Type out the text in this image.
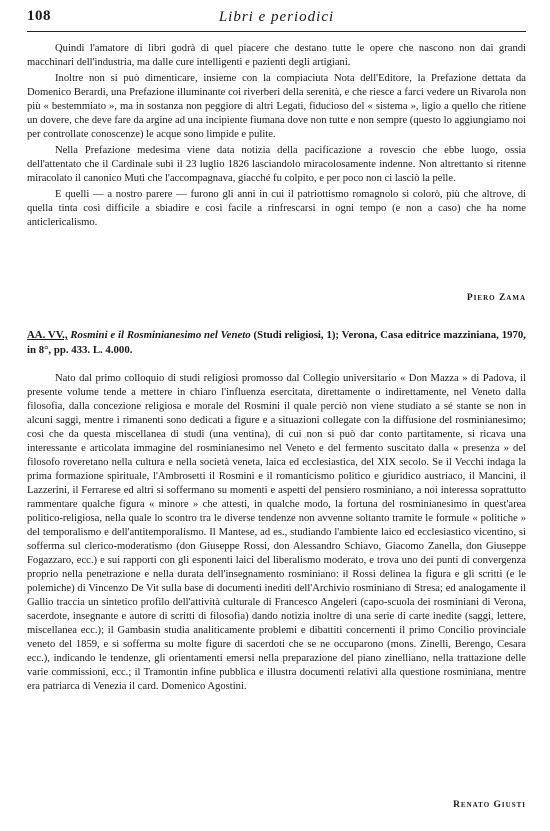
108	Libri e periodici

Quindi l'amatore di libri godrà di quel piacere che destano tutte le opere che nascono non dai grandi macchinari dell'industria, ma dalle cure intelligenti e pazienti degli artigiani.

Inoltre non si può dimenticare, insieme con la compiaciuta Nota dell'Editore, la Prefazione dettata da Domenico Berardi, una Prefazione illuminante coi riverberi della serenità, e che riesce a farci vedere un Rivarola non più « bestemmiato », ma in sostanza non peggiore di altri Legati, fiducioso del « sistema », ligio a quello che ritiene un dovere, che deve fare da argine ad una incipiente fiumana dove non tutte e non sempre (questo lo aggiungiamo noi per controllate conoscenze) le acque sono limpide e pulite.

Nella Prefazione medesima viene data notizia della pacificazione a rovescio che ebbe luogo, ossia dell'attentato che il Cardinale subì il 23 luglio 1826 lasciandolo miracolosamente indenne. Non altrettanto si ritenne miracolato il canonico Muti che l'accompagnava, giacché fu colpito, e per poco non ci lasciò la pelle.

E quelli — a nostro parere — furono gli anni in cui il patriottismo romagnolo si colorò, più che altrove, di quella tinta così difficile a sbiadire e così facile a rinfrescarsi in ogni tempo (e non a caso) che ha nome anticlericalismo.

Piero Zama

AA. VV., Rosmini e il Rosminianesimo nel Veneto (Studi religiosi, 1); Verona, Casa editrice mazziniana, 1970, in 8°, pp. 433. L. 4.000.

Nato dal primo colloquio di studi religiosi promosso dal Collegio universitario « Don Mazza » di Padova, il presente volume tende a mettere in chiaro l'influenza esercitata, direttamente o indirettamente, nel Veneto dalla filosofia, dalla concezione religiosa e morale del Rosmini il quale perciò non viene studiato a sé stante se non in alcuni saggi, mentre i rimanenti sono dedicati a figure e a situazioni collegate con la diffusione del rosminianesimo; così che da questa miscellanea di studi (una ventina), di cui non si può dar conto partitamente, si ricava una interessante e articolata immagine del rosminianesimo nel Veneto e del fermento suscitato dalla « presenza » del filosofo roveretano nella cultura e nella società veneta, laica ed ecclesiastica, del XIX secolo. Se il Vecchi indaga la prima formazione spirituale, l'Ambrosetti il Rosmini e il romanticismo politico e giuridico austriaco, il Mancini, il Lazzerini, il Ferrarese ed altri si soffermano su momenti e aspetti del pensiero rosminiano, a noi interessa soprattutto rammentare qualche figura « minore » che attesti, in qualche modo, la fortuna del rosminianesimo in quest'area politico-religiosa, nella quale lo scontro tra le diverse tendenze non avvenne soltanto tramite le formule « politiche » del temporalismo e dell'antitemporalismo. Il Mantese, ad es., studiando l'ambiente laico ed ecclesiastico vicentino, si sofferma sul clerico-moderatismo (don Giuseppe Rossi, don Alessandro Schiavo, Giacomo Zanella, don Giuseppe Fogazzaro, ecc.) e sui rapporti con gli esponenti laici del liberalismo moderato, e trova uno dei punti di convergenza proprio nella penetrazione e nella durata dell'insegnamento rosminiano: il Rossi delinea la figura e gli scritti (e le polemiche) di Vincenzo De Vit sulla base di documenti inediti dell'Archivio rosminiano di Stresa; ed analogamente il Gallio traccia un sintetico profilo dell'attività culturale di Francesco Angeleri (capo-scuola dei rosminiani di Verona, sacerdote, insegnante e autore di scritti di filosofia) dando notizia inoltre di una serie di carte inedite (saggi, lettere, miscellanea ecc.); il Gambasin studia analiticamente problemi e dibattiti concernenti il primo Concilio provinciale veneto del 1859, e si sofferma su molte figure di sacerdoti che se ne occuparono (mons. Zinelli, Berengo, Cesara ecc.), indicando le tendenze, gli orientamenti emersi nella preparazione del piano zinelliano, nella trattazione delle varie commissioni, ecc.; il Tramontin infine pubblica e illustra documenti relativi alla questione rosminiana, mentre era patriarca di Venezia il card. Domenico Agostini.

Renato Giusti
